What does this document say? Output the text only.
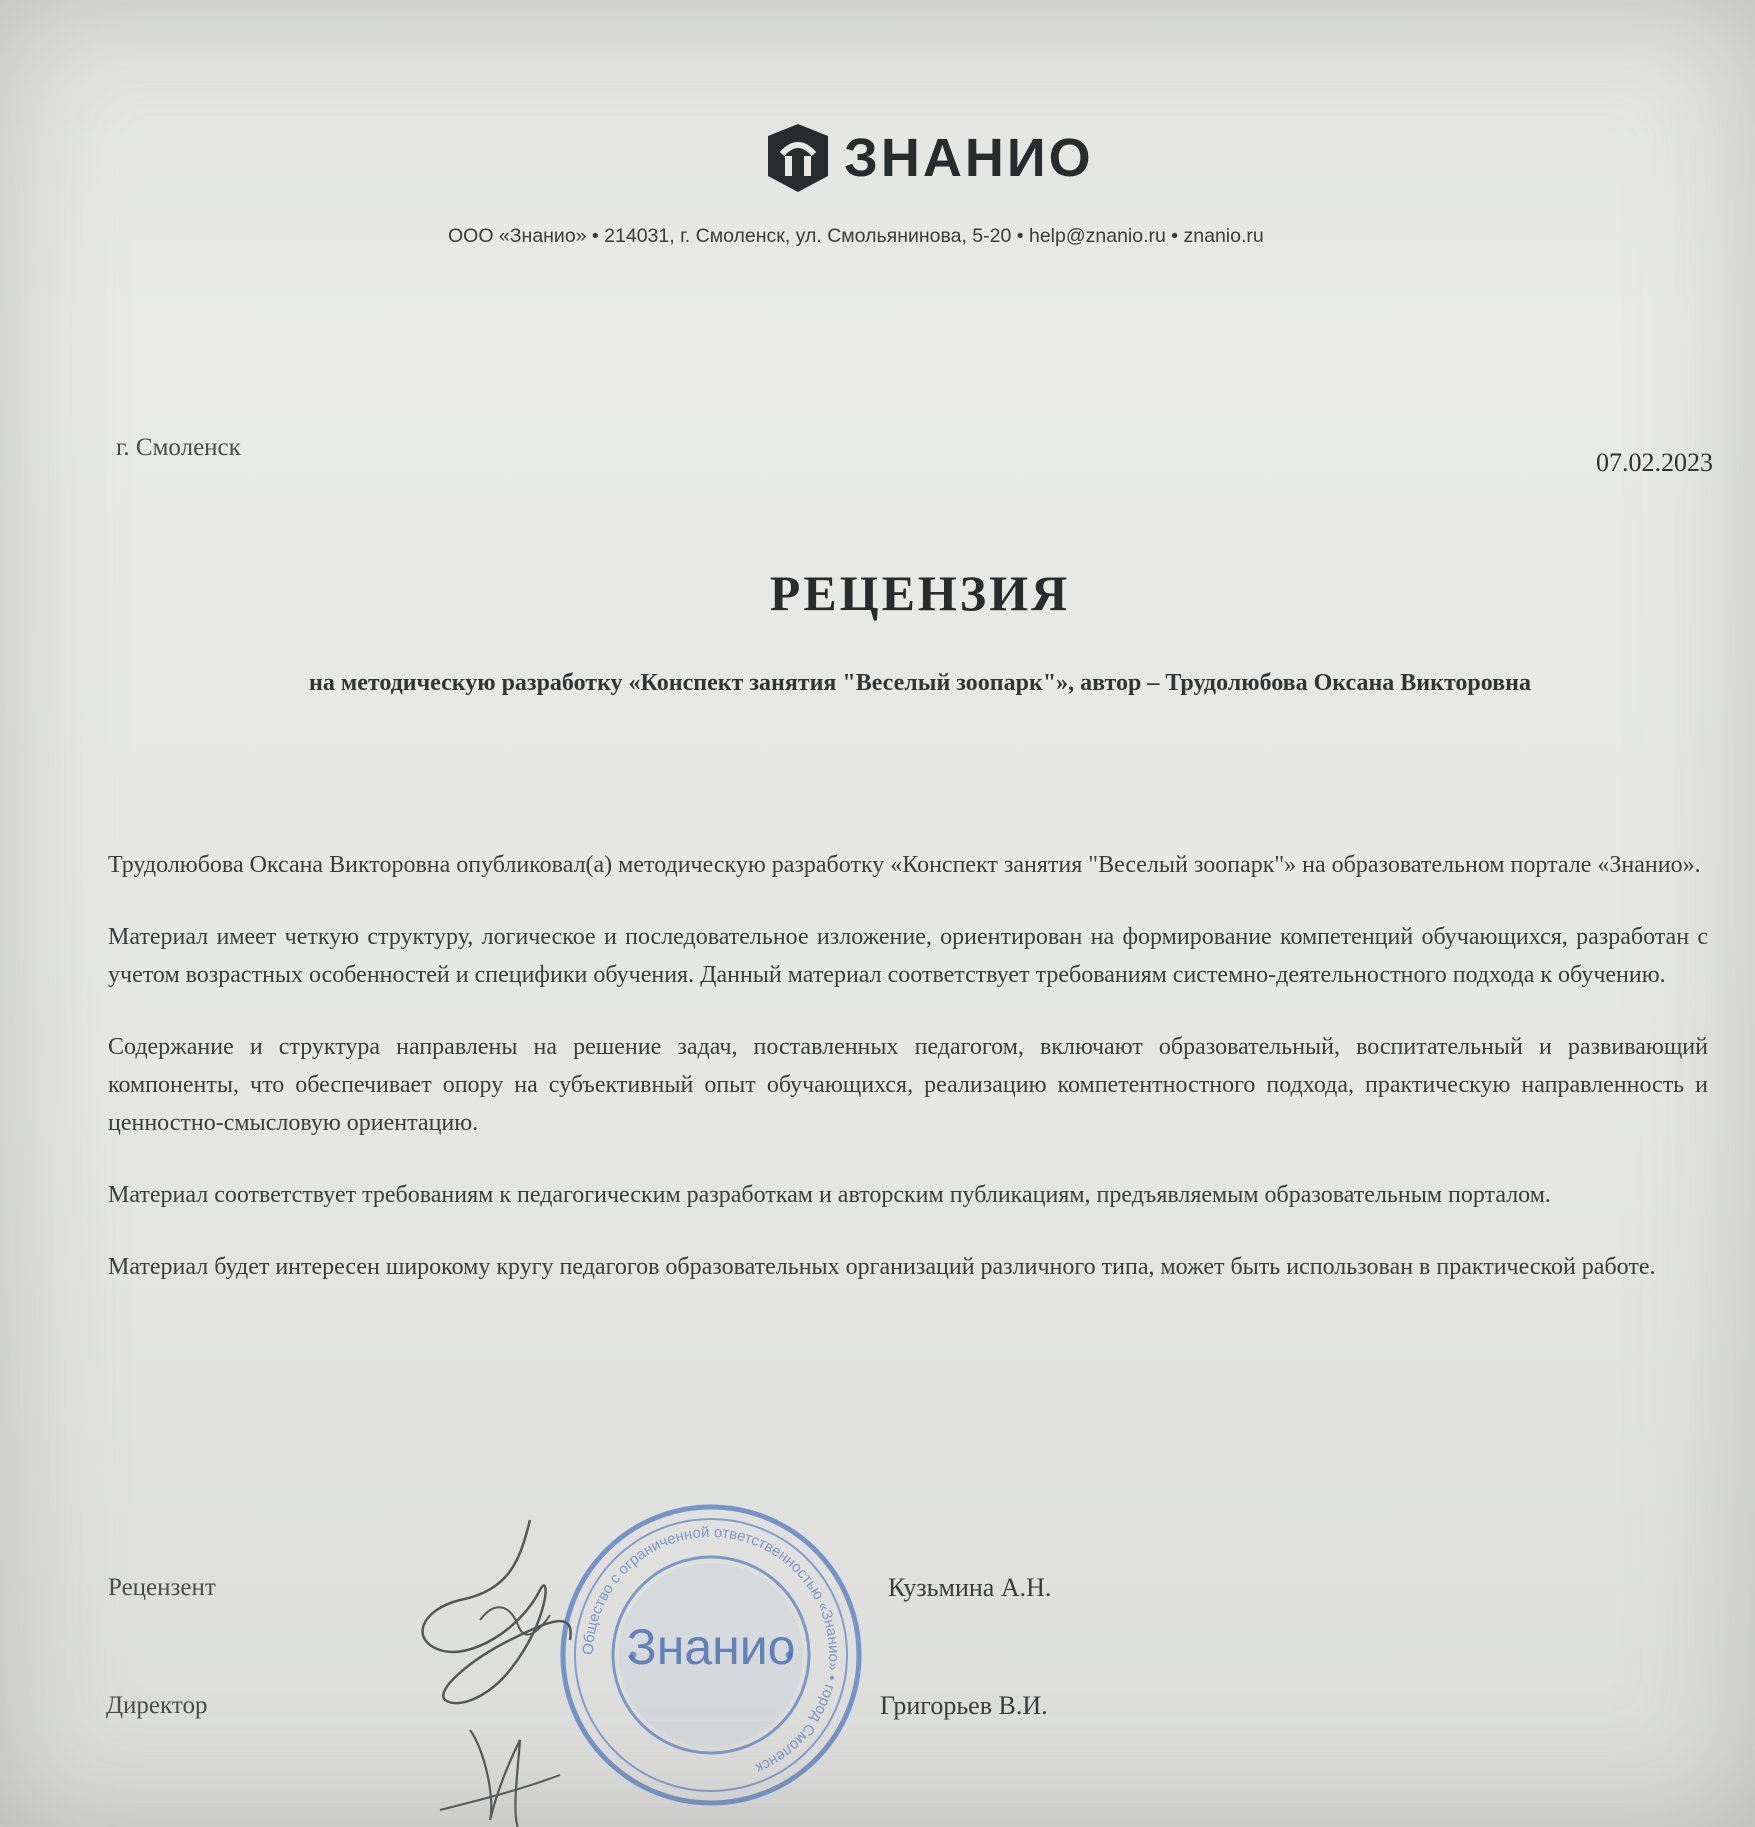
ЗНАНИО
ООО «Знанио» • 214031, г. Смоленск, ул. Смольянинова, 5-20 • help@znanio.ru • znanio.ru
г. Смоленск
07.02.2023
РЕЦЕНЗИЯ
на методическую разработку «Конспект занятия "Веселый зоопарк"», автор – Трудолюбова Оксана Викторовна

Трудолюбова Оксана Викторовна опубликовал(а) методическую разработку «Конспект занятия "Веселый зоопарк"» на образовательном портале «Знанио».

Материал имеет четкую структуру, логическое и последовательное изложение, ориентирован на формирование компетенций обучающихся, разработан с учетом возрастных особенностей и специфики обучения. Данный материал соответствует требованиям системно-деятельностного подхода к обучению.

Содержание и структура направлены на решение задач, поставленных педагогом, включают образовательный, воспитательный и развивающий компоненты, что обеспечивает опору на субъективный опыт обучающихся, реализацию компетентностного подхода, практическую направленность и ценностно-смысловую ориентацию.

Материал соответствует требованиям к педагогическим разработкам и авторским публикациям, предъявляемым образовательным порталом.

Материал будет интересен широкому кругу педагогов образовательных организаций различного типа, может быть использован в практической работе.

Рецензент	Кузьмина А.Н.
Директор	Григорьев В.И.
Общество с ограниченной ответственностью «Знанио» • город Смоленск
Знанио
